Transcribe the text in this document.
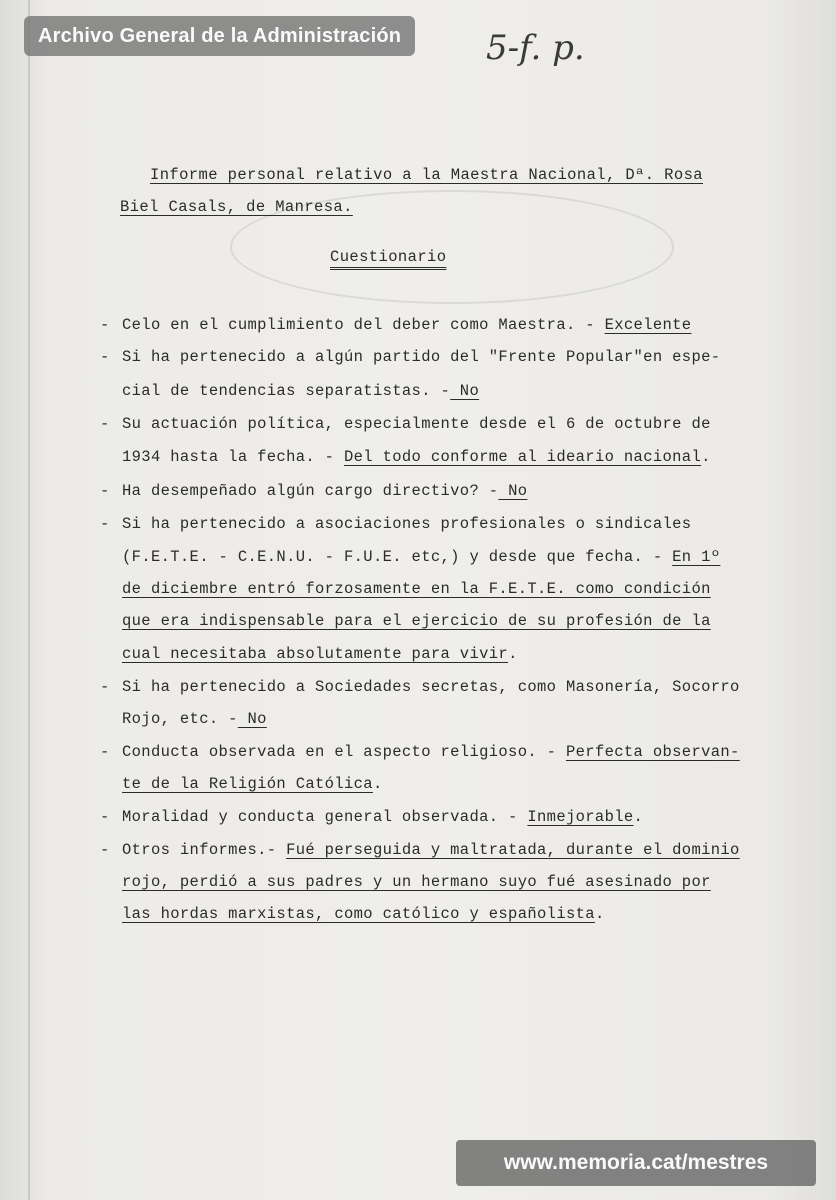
Archivo General de la Administración	5-f. p.
Informe personal relativo a la Maestra Nacional, Dª. Rosa
Biel Casals, de Manresa.
Cuestionario
- Celo en el cumplimiento del deber como Maestra. - Excelente
- Si ha pertenecido a algún partido del "Frente Popular"en espe-
cial de tendencias separatistas. - No
- Su actuación política, especialmente desde el 6 de octubre de
1934 hasta la fecha. - Del todo conforme al ideario nacional.
- Ha desempeñado algún cargo directivo? - No
- Si ha pertenecido a asociaciones profesionales o sindicales
(F.E.T.E. - C.E.N.U. - F.U.E. etc,) y desde que fecha. - En 1º
de diciembre entró forzosamente en la F.E.T.E. como condición
que era indispensable para el ejercicio de su profesión de la
cual necesitaba absolutamente para vivir.
- Si ha pertenecido a Sociedades secretas, como Masonería, Socorro
Rojo, etc. - No
- Conducta observada en el aspecto religioso. - Perfecta observan-
te de la Religión Católica.
- Moralidad y conducta general observada. - Inmejorable.
- Otros informes.- Fué perseguida y maltratada, durante el dominio
rojo, perdió a sus padres y un hermano suyo fué asesinado por
las hordas marxistas, como católico y españolista.
www.memoria.cat/mestres
